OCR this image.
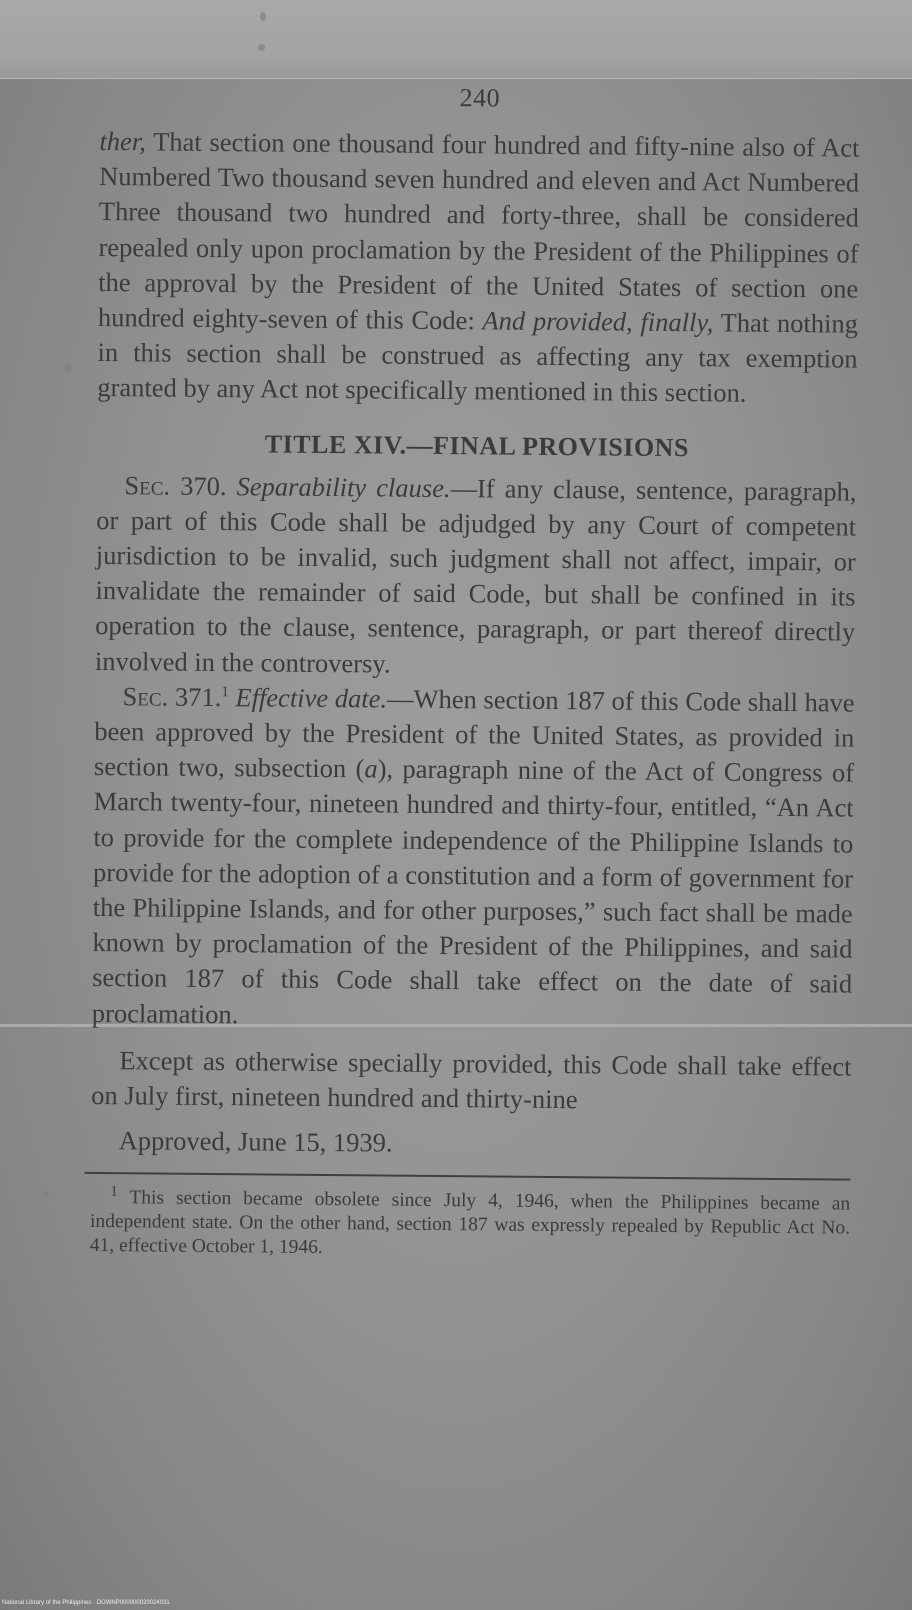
240

ther, That section one thousand four hundred and fifty-nine also of Act Numbered Two thousand seven hundred and eleven and Act Numbered Three thousand two hundred and forty-three, shall be considered repealed only upon proclamation by the President of the Philippines of the approval by the President of the United States of section one hundred eighty-seven of this Code: And provided, finally, That nothing in this section shall be construed as affecting any tax exemption granted by any Act not specifically mentioned in this section.

TITLE XIV.—FINAL PROVISIONS

Sec. 370. Separability clause.—If any clause, sentence, paragraph, or part of this Code shall be adjudged by any Court of competent jurisdiction to be invalid, such judgment shall not affect, impair, or invalidate the remainder of said Code, but shall be confined in its operation to the clause, sentence, paragraph, or part thereof directly involved in the controversy.

Sec. 371.$^1$ Effective date.—When section 187 of this Code shall have been approved by the President of the United States, as provided in section two, subsection (a), paragraph nine of the Act of Congress of March twenty-four, nineteen hundred and thirty-four, entitled, “An Act to provide for the complete independence of the Philippine Islands to provide for the adoption of a constitution and a form of government for the Philippine Islands, and for other purposes,” such fact shall be made known by proclamation of the President of the Philippines, and said section 187 of this Code shall take effect on the date of said proclamation.

Except as otherwise specially provided, this Code shall take effect on July first, nineteen hundred and thirty-nine

Approved, June 15, 1939.

$^1$ This section became obsolete since July 4, 1946, when the Philippines became an independent state. On the other hand, section 187 was expressly repealed by Republic Act No. 41, effective October 1, 1946.

National Library of the Philippines · DOWNP000000020024031
